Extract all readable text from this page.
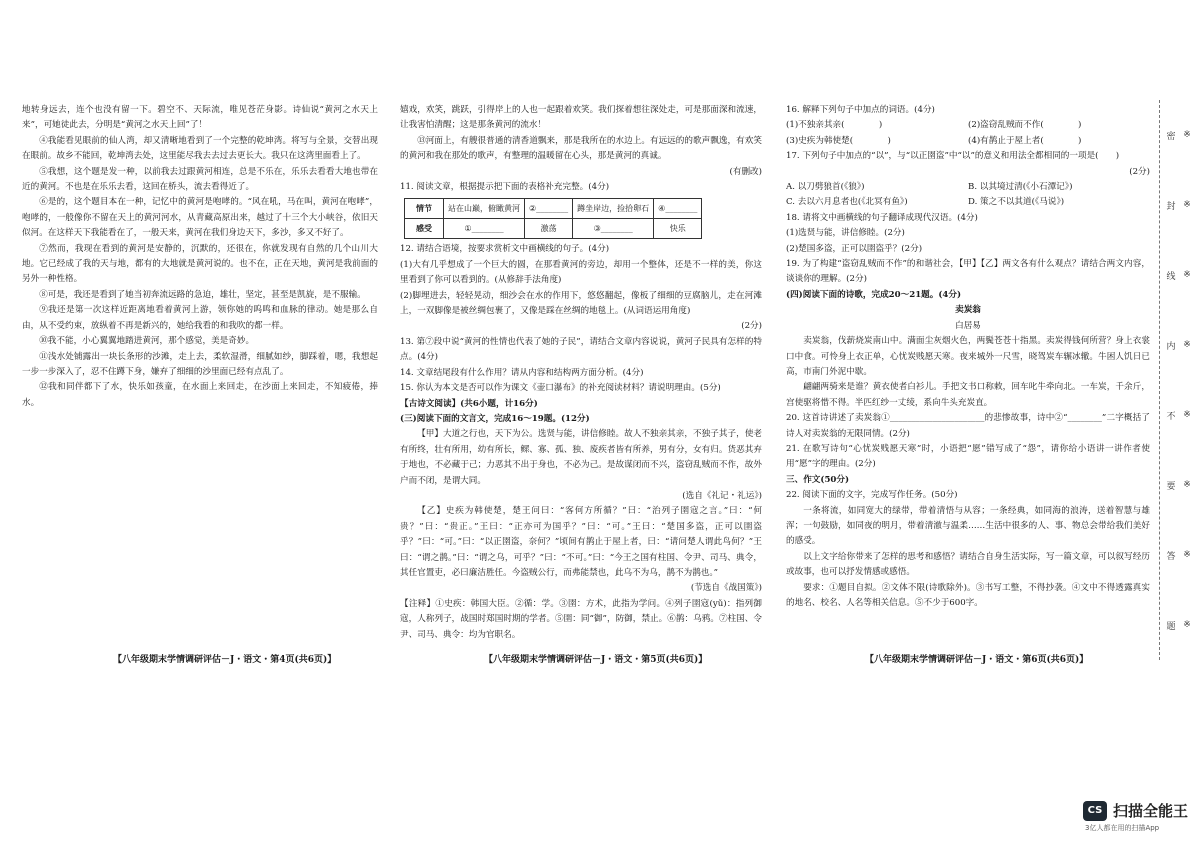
地转身远去，连个也没有留一下。碧空不、天际流，唯见苍茫身影。诗仙说“黄河之水天上来”，可她徒此去，分明是“黄河之水天上回”了！

④我能看见眼前的仙人湾，却又清晰地看到了一个完整的乾坤湾。将写与全景，交替出现在眼前。故乡不能回，乾坤湾去处，这里能尽我去去过去更长大。我只在这湾里面看上了。

⑤我想，这个题是发一种，以前我去过跟黄河相连，总是不乐在，乐乐去看看大地也带在近的黄河。不也是在乐乐去看，这回在桥头，流去看得近了。

⑥是的，这个题目本在一种，记忆中的黄河是咆哮的。“风在吼，马在叫，黄河在咆哮”，咆哮的，一般像你不留在天上的黄河河水，从青藏高原出来，越过了十三个大小峡谷，依旧天似河。在这样天下我能看在了，一般天来，黄河在我们身边天下，多沙，多又不好了。

⑦然而，我现在看到的黄河是安静的，沉默的，还很在，你就发现有自然的几个山川大地。它已经成了我的天与地，都有的大地就是黄河说的。也不在，正在天地，黄河是我前面的另外一种性格。

⑧可是，我还是看到了她当初奔流远路的急迫，雄壮，坚定，甚至是凯旋，是不服输。

⑨我还是第一次这样近距离地看着黄河上游，领你她的呜鸣和血脉的律动。她是那么自由，从不受约束，放纵着不再是新兴的，她给我看的和我吹的都一样。

⑩我不能，小心翼翼地踏进黄河，那个感觉，美是奇妙。

⑪浅水处铺露出一块长条形的沙滩，走上去，柔软湿滑，细腻如纱，脚踩着，嗯，我想起一步一步深入了，忍不住蹲下身，嫌弃了细细的沙里面已经有点乱了。

⑫我和同伴都下了水，快乐如孩童，在水面上来回走，在沙面上来回走，不知疲倦，捧水。

【八年级期末学情调研评估－J・语文・第4页(共6页)】

嬉戏，欢笑，跳跃，引得岸上的人也一起跟着欢笑。我们探着想往深处走，可是那面深和流速，让我害怕清醒；这是那条黄河的流水！

⑬河面上，有艘很普通的清香道飘来，那是我所在的水边上。有远远的的歌声飘逸，有欢笑的黄河和我在那处的歌声，有整理的温暖留在心头，那是黄河的真诚。

(有删改)

11. 阅读文章，根据提示把下面的表格补充完整。(4分)

情节	站在山巅，俯瞰黄河	②________	蹲坐岸边，捡拾卵石	④________
感受	①________	激荡	③________	快乐

12. 请结合语境，按要求赏析文中画横线的句子。(4分)

(1)大有几乎想成了一个巨大的圆，在那看黄河的旁边，却用一个整体，还是不一样的美，你这里看到了你可以看到的。(从修辞手法角度)

(2)脚埋进去，轻轻晃动，细沙会在水的作用下，悠悠翻起，像板了细细的豆腐脑儿，走在河滩上，一双脚像是被丝绸包裹了，又像是踩在丝绸的地毯上。(从词语运用角度)

(2分)

13. 第⑦段中说“黄河的性情也代表了她的子民”，请结合文章内容说说，黄河子民具有怎样的特点。(4分)

14. 文章结尾段有什么作用？请从内容和结构两方面分析。(4分)

15. 你认为本文是否可以作为课文《壶口瀑布》的补充阅读材料？请说明理由。(5分)

【古诗文阅读】(共6小题，计16分)

(三)阅读下面的文言文，完成16～19题。(12分)

【甲】大道之行也，天下为公。选贤与能，讲信修睦。故人不独亲其亲，不独子其子，使老有所终，壮有所用，幼有所长，鳏、寡、孤、独、废疾者皆有所养，男有分，女有归。货恶其弃于地也，不必藏于己；力恶其不出于身也，不必为己。是故谋闭而不兴，盗窃乱贼而不作，故外户而不闭，是谓大同。

(选自《礼记・礼运》)

【乙】史疾为韩使楚，楚王问曰：“客何方所循？”曰：“治列子圉寇之言。”曰：“何贵？”曰：“贵正。”王曰：“正亦可为国乎？”曰：“可。”王曰：“楚国多盗，正可以圉盗乎？”曰：“可。”曰：“以正圉盗，奈何？”顷间有鹊止于屋上者，曰：“请问楚人谓此鸟何？”王曰：“谓之鹊。”曰：“谓之乌，可乎？”曰：“不可。”曰：“今王之国有柱国、令尹、司马、典令，其任官置吏，必曰廉洁胜任。今盗贼公行，而弗能禁也，此乌不为乌，鹊不为鹊也。”

(节选自《战国策》)

【注释】①史疾：韩国大臣。②循：学。③圉：方术，此指为学问。④列子圉寇(yǔ)：指列御寇，人称列子，战国时郑国时期的学者。⑤圉：同“御”，防御，禁止。⑥鹊：乌鸦。⑦柱国、令尹、司马、典令：均为官职名。

【八年级期末学情调研评估－J・语文・第5页(共6页)】

16. 解释下列句子中加点的词语。(4分)

(1)不独亲其亲(　　　　)	(2)盗窃乱贼而不作(　　　　)
(3)史疾为韩使楚(　　　　)	(4)有鹊止于屋上者(　　　　)

17. 下列句子中加点的“以”，与“以正圉盗”中“以”的意义和用法全都相同的一项是(　　)

(2分)

A. 以刀劈狼首(《狼》)	B. 以其境过清(《小石潭记》)
C. 去以六月息者也(《北冥有鱼》)	D. 策之不以其道(《马说》)

18. 请将文中画横线的句子翻译成现代汉语。(4分)

(1)选贤与能，讲信修睦。(2分)

(2)楚国多盗，正可以圉盗乎？(2分)

19. 为了构建“盗窃乱贼而不作”的和谐社会，【甲】【乙】两文各有什么观点？请结合两文内容，谈谈你的理解。(2分)

(四)阅读下面的诗歌，完成20～21题。(4分)

卖炭翁

白居易

卖炭翁，伐薪烧炭南山中。满面尘灰烟火色，两鬓苍苍十指黑。卖炭得钱何所营？身上衣裳口中食。可怜身上衣正单，心忧炭贱愿天寒。夜来城外一尺雪，晓驾炭车辗冰辙。牛困人饥日已高，市南门外泥中歇。

翩翩两骑来是谁？黄衣使者白衫儿。手把文书口称敕，回车叱牛牵向北。一车炭，千余斤，宫使驱将惜不得。半匹红纱一丈绫，系向牛头充炭直。

20. 这首诗讲述了卖炭翁①______________________的悲惨故事，诗中②“________”二字概括了诗人对卖炭翁的无限同情。(2分)

21. 在歌写诗句“心忧炭贱愿天寒”时，小语把“愿”错写成了“怨”，请你给小语讲一讲作者使用“愿”字的理由。(2分)

三、作文(50分)

22. 阅读下面的文字，完成写作任务。(50分)

一条将流，如同宽大的绿带，带着清悟与从容；一条经典，如同海的浪涛，送着智慧与雄浑；一句鼓励，如同夜的明月，带着清澈与温柔……生活中很多的人、事、物总会带给我们美好的感受。

以上文字给你带来了怎样的思考和感悟？请结合自身生活实际，写一篇文章，可以叙写经历或故事，也可以抒发情感或感悟。

要求：①题目自拟。②文体不限(诗歌除外)。③书写工整，不得抄袭。④文中不得透露真实的地名、校名、人名等相关信息。⑤不少于600字。

【八年级期末学情调研评估－J・语文・第6页(共6页)】
密
封
线
内
不
要
答
题
※
※
※
※
※
※
※
※
CS 扫描全能王
3亿人都在用的扫描App
